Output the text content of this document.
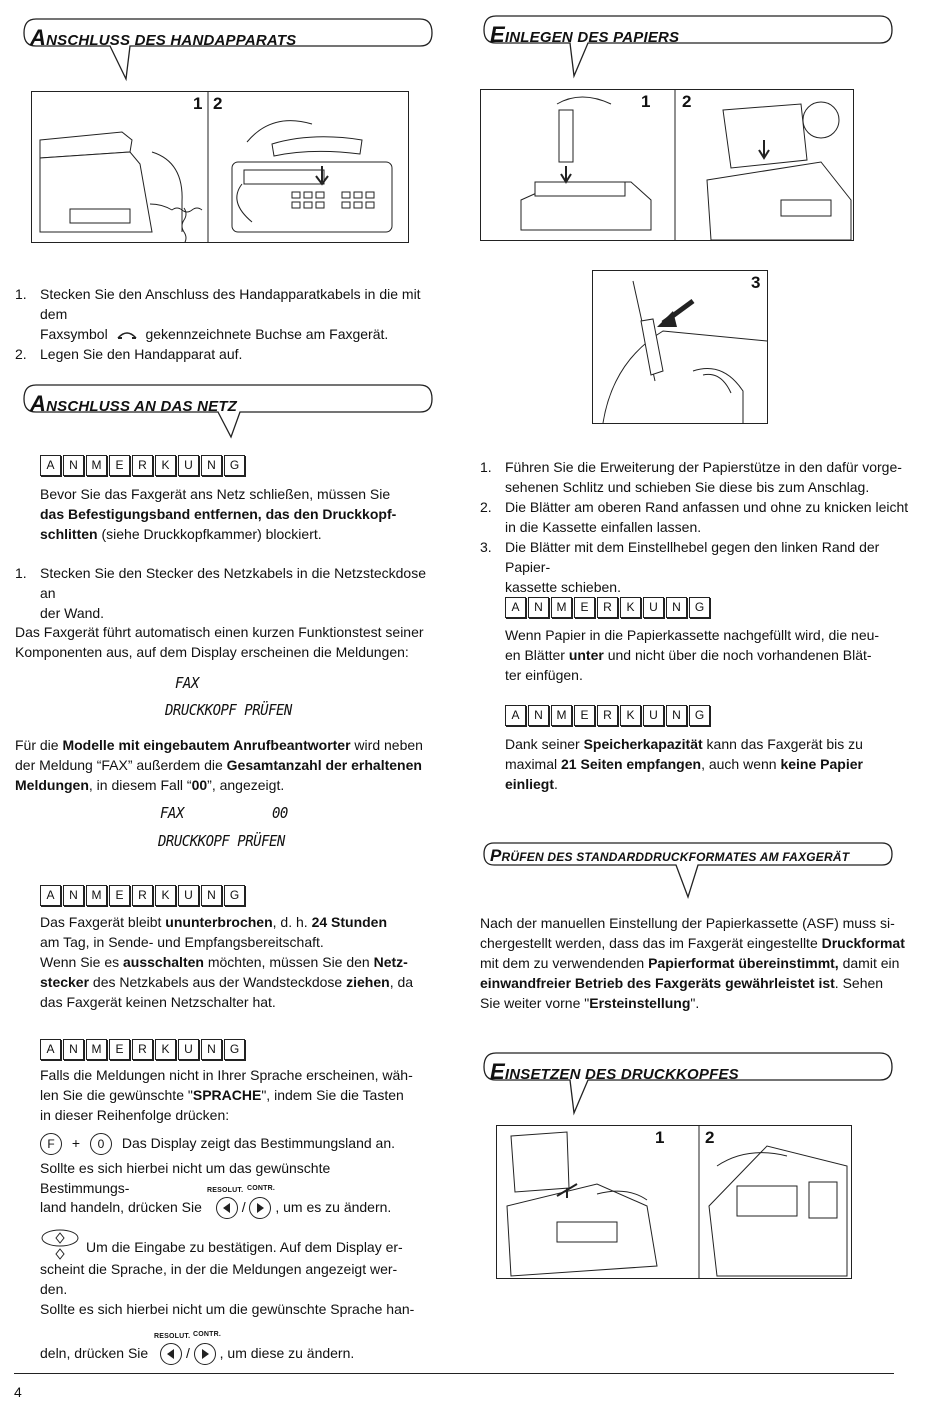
ANSCHLUSS DES HANDAPPARATS	EINLEGEN DES PAPIERS
ANSCHLUSS AN DAS NETZ
PRÜFEN DES STANDARDDRUCKFORMATES AM FAXGERÄT
EINSETZEN DES DRUCKKOPFES
1 2	1 2
3
1 2
1. Stecken Sie den Anschluss des Handapparatkabels in die mit dem
Faxsymbol	gekennzeichnete Buchse am Faxgerät.
2. Legen Sie den Handapparat auf.
A	N	M	E	R	K	U	N	G

Bevor Sie das Faxgerät ans Netz schließen, müssen Sie
das Befestigungsband entfernen, das den Druckkopf-
schlitten (siehe Druckkopfkammer) blockiert.

1. Stecken Sie den Stecker des Netzkabels in die Netzsteckdose an
der Wand.

Das Faxgerät führt automatisch einen kurzen Funktionstest seiner
Komponenten aus, auf dem Display erscheinen die Meldungen:

FAX
DRUCKKOPF PRÜFEN

Für die Modelle mit eingebautem Anrufbeantworter wird neben
der Meldung “FAX” außerdem die Gesamtanzahl der erhaltenen
Meldungen, in diesem Fall “00”, angezeigt.

FAX	00
DRUCKKOPF PRÜFEN
A	N	M	E	R	K	U	N	G

Das Faxgerät bleibt ununterbrochen, d. h. 24 Stunden
am Tag, in Sende- und Empfangsbereitschaft.
Wenn Sie es ausschalten möchten, müssen Sie den Netz-
stecker des Netzkabels aus der Wandsteckdose ziehen, da
das Faxgerät keinen Netzschalter hat.

A	N	M	E	R	K	U	N	G

Falls die Meldungen nicht in Ihrer Sprache erscheinen, wäh-
len Sie die gewünschte "SPRACHE", indem Sie die Tasten
in dieser Reihenfolge drücken:

F + 0 Das Display zeigt das Bestimmungsland an.

Sollte es sich hierbei nicht um das gewünschte Bestimmungs-	RESOLUT. CONTR.
land handeln, drücken Sie	/ , um es zu ändern.
Um die Eingabe zu bestätigen. Auf dem Display er-

scheint die Sprache, in der die Meldungen angezeigt wer-
den.
Sollte es sich hierbei nicht um die gewünschte Sprache han-

RESOLUT. CONTR.
deln, drücken Sie	/ , um diese zu ändern.
1. Führen Sie die Erweiterung der Papierstütze in den dafür vorge-
sehenen Schlitz und schieben Sie diese bis zum Anschlag.
2. Die Blätter am oberen Rand anfassen und ohne zu knicken leicht
in die Kassette einfallen lassen.
3. Die Blätter mit dem Einstellhebel gegen den linken Rand der Papier-
kassette schieben.
A	N	M	E	R	K	U	N	G

Wenn Papier in die Papierkassette nachgefüllt wird, die neu-
en Blätter unter und nicht über die noch vorhandenen Blät-
ter einfügen.

A	N	M	E	R	K	U	N	G

Dank seiner Speicherkapazität kann das Faxgerät bis zu
maximal 21 Seiten empfangen, auch wenn keine Papier
einliegt.

Nach der manuellen Einstellung der Papierkassette (ASF) muss si-
chergestellt werden, dass das im Faxgerät eingestellte Druckformat
mit dem zu verwendenden Papierformat übereinstimmt, damit ein
einwandfreier Betrieb des Faxgeräts gewährleistet ist. Sehen
Sie weiter vorne "Ersteinstellung".

4
